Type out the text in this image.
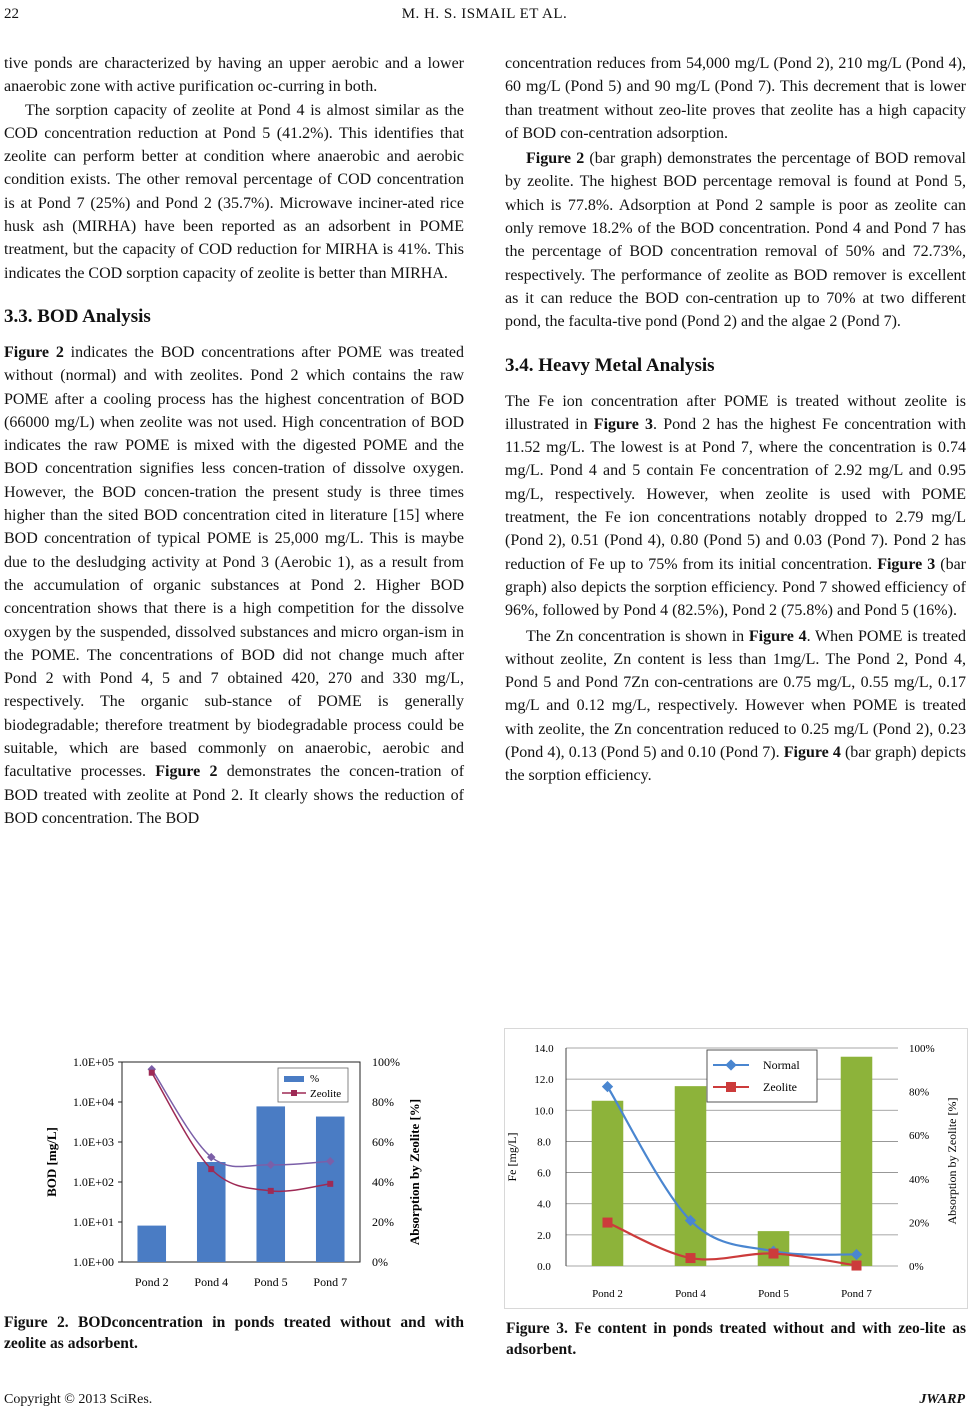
22	M. H. S. ISMAIL ET AL.

tive ponds are characterized by having an upper aerobic and a lower anaerobic zone with active purification oc-curring in both.

The sorption capacity of zeolite at Pond 4 is almost similar as the COD concentration reduction at Pond 5 (41.2%). This identifies that zeolite can perform better at condition where anaerobic and aerobic condition exists. The other removal percentage of COD concentration is at Pond 7 (25%) and Pond 2 (35.7%). Microwave inciner-ated rice husk ash (MIRHA) have been reported as an adsorbent in POME treatment, but the capacity of COD reduction for MIRHA is 41%. This indicates the COD sorption capacity of zeolite is better than MIRHA.

3.3. BOD Analysis

Figure 2 indicates the BOD concentrations after POME was treated without (normal) and with zeolites. Pond 2 which contains the raw POME after a cooling process has the highest concentration of BOD (66000 mg/L) when zeolite was not used. High concentration of BOD indicates the raw POME is mixed with the digested POME and the BOD concentration signifies less concen-tration of dissolve oxygen. However, the BOD concen-tration the present study is three times higher than the sited BOD concentration cited in literature [15] where BOD concentration of typical POME is 25,000 mg/L. This is maybe due to the desludging activity at Pond 3 (Aerobic 1), as a result from the accumulation of organic substances at Pond 2. Higher BOD concentration shows that there is a high competition for the dissolve oxygen by the suspended, dissolved substances and micro organ-ism in the POME. The concentrations of BOD did not change much after Pond 2 with Pond 4, 5 and 7 obtained 420, 270 and 330 mg/L, respectively. The organic sub-stance of POME is generally biodegradable; therefore treatment by biodegradable process could be suitable, which are based commonly on anaerobic, aerobic and facultative processes. Figure 2 demonstrates the concen-tration of BOD treated with zeolite at Pond 2. It clearly shows the reduction of BOD concentration. The BOD

concentration reduces from 54,000 mg/L (Pond 2), 210 mg/L (Pond 4), 60 mg/L (Pond 5) and 90 mg/L (Pond 7). This decrement that is lower than treatment without zeo-lite proves that zeolite has a high capacity of BOD con-centration adsorption.

Figure 2 (bar graph) demonstrates the percentage of BOD removal by zeolite. The highest BOD percentage removal is found at Pond 5, which is 77.8%. Adsorption at Pond 2 sample is poor as zeolite can only remove 18.2% of the BOD concentration. Pond 4 and Pond 7 has the percentage of BOD concentration removal of 50% and 72.73%, respectively. The performance of zeolite as BOD remover is excellent as it can reduce the BOD con-centration up to 70% at two different pond, the faculta-tive pond (Pond 2) and the algae 2 (Pond 7).

3.4. Heavy Metal Analysis

The Fe ion concentration after POME is treated without zeolite is illustrated in Figure 3. Pond 2 has the highest Fe concentration with 11.52 mg/L. The lowest is at Pond 7, where the concentration is 0.74 mg/L. Pond 4 and 5 contain Fe concentration of 2.92 mg/L and 0.95 mg/L, respectively. However, when zeolite is used with POME treatment, the Fe ion concentrations notably dropped to 2.79 mg/L (Pond 2), 0.51 (Pond 4), 0.80 (Pond 5) and 0.03 (Pond 7). Pond 2 has reduction of Fe up to 75% from its initial concentration. Figure 3 (bar graph) also depicts the sorption efficiency. Pond 7 showed efficiency of 96%, followed by Pond 4 (82.5%), Pond 2 (75.8%) and Pond 5 (16%).

The Zn concentration is shown in Figure 4. When POME is treated without zeolite, Zn content is less than 1mg/L. The Pond 2, Pond 4, Pond 5 and Pond 7Zn con-centrations are 0.75 mg/L, 0.55 mg/L, 0.17 mg/L and 0.12 mg/L, respectively. However when POME is treated with zeolite, the Zn concentration reduced to 0.25 mg/L (Pond 2), 0.23 (Pond 4), 0.13 (Pond 5) and 0.10 (Pond 7). Figure 4 (bar graph) depicts the sorption efficiency.

1.0E+00
1.0E+01
1.0E+02
1.0E+03
1.0E+04
1.0E+05
0%
20%
40%
60%
80%
100%
BOD [mg/L]	Absorption by Zeolite [%]
Pond 2 Pond 4 Pond 5 Pond 7
%
Zeolite
Figure 2. BODconcentration in ponds treated without and with zeolite as adsorbent.
0.0
2.0
4.0
6.0
8.0
10.0
12.0
14.0
0%
20%
40%
60%
80%
100%
Fe [mg/L]	Absorption by Zeolite [%]
Pond 2	Pond 4	Pond 5	Pond 7
Normal
Zeolite
Figure 3. Fe content in ponds treated without and with zeo-lite as adsorbent.
Copyright © 2013 SciRes.	JWARP
